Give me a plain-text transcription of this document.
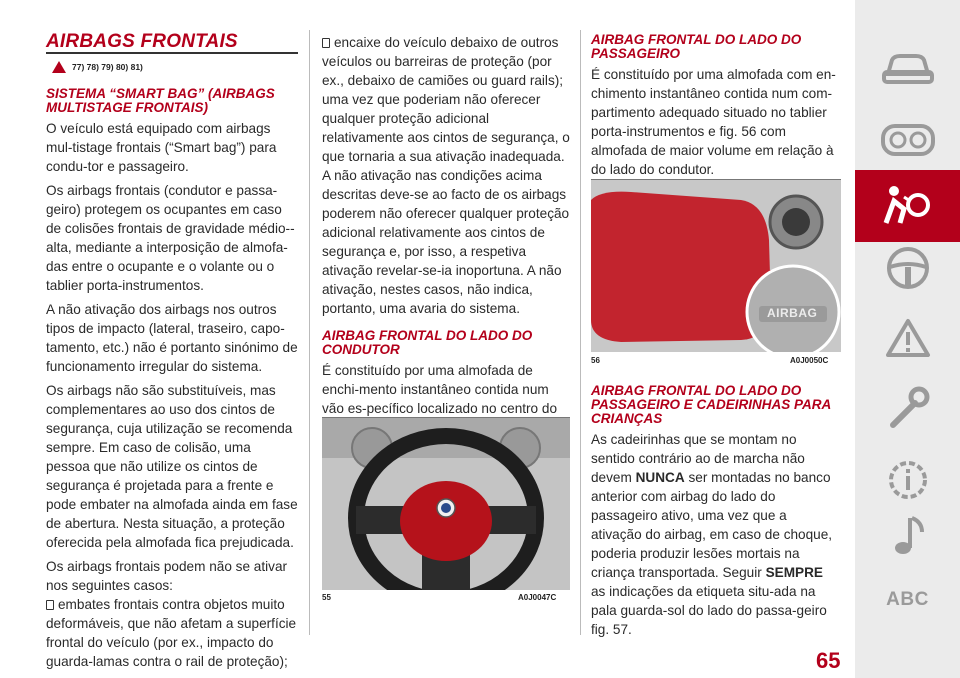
AIRBAGS FRONTAIS
77) 78) 79) 80) 81)

SISTEMA “SMART BAG” (AIRBAGS MULTISTAGE FRONTAIS)

O veículo está equipado com airbags mul-tistage frontais (“Smart bag”) para condu-tor e passageiro.

Os airbags frontais (condutor e passa-geiro) protegem os ocupantes em caso de colisões frontais de gravidade médio--alta, mediante a interposição de almofa-das entre o ocupante e o volante ou o tablier porta-instrumentos.

A não ativação dos airbags nos outros tipos de impacto (lateral, traseiro, capo-tamento, etc.) não é portanto sinónimo de funcionamento irregular do sistema.

Os airbags não são substituíveis, mas complementares ao uso dos cintos de segurança, cuja utilização se recomenda sempre. Em caso de colisão, uma pessoa que não utilize os cintos de segurança é projetada para a frente e pode embater na almofada ainda em fase de abertura. Nesta situação, a proteção oferecida pela almofada fica prejudicada.

Os airbags frontais podem não se ativar nos seguintes casos:

embates frontais contra objetos muito deformáveis, que não afetam a superfície frontal do veículo (por ex., impacto do guarda-lamas contra o rail de proteção);

encaixe do veículo debaixo de outros veículos ou barreiras de proteção (por ex., debaixo de camiões ou guard rails);

uma vez que poderiam não oferecer qualquer proteção adicional relativamente aos cintos de segurança, o que tornaria a sua ativação inadequada. A não ativação nas condições acima descritas deve-se ao facto de os airbags poderem não oferecer qualquer proteção adicional relativamente aos cintos de segurança e, por isso, a respetiva ativação revelar-se-ia inoportuna. A não ativação, nestes casos, não indica, portanto, uma avaria do sistema.

AIRBAG FRONTAL DO LADO DO CONDUTOR

É constituído por uma almofada de enchi-mento instantâneo contida num vão es-pecífico localizado no centro do

55	A0J0047C

AIRBAG FRONTAL DO LADO DO PASSAGEIRO

É constituído por uma almofada com en-chimento instantâneo contida num com-partimento adequado situado no tablier porta-instrumentos e fig. 56 com almofada de maior volume em relação à do lado do condutor.

AIRBAG
56	A0J0050C

AIRBAG FRONTAL DO LADO DO PASSAGEIRO E CADEIRINHAS PARA CRIANÇAS

As cadeirinhas que se montam no sentido contrário ao de marcha não devem NUNCA ser montadas no banco anterior com airbag do lado do passageiro ativo, uma vez que a ativação do airbag, em caso de choque, poderia produzir lesões mortais na criança transportada. Seguir SEMPRE as indicações da etiqueta situ-ada na pala guarda-sol do lado do passa-geiro fig. 57.

65
ABC
